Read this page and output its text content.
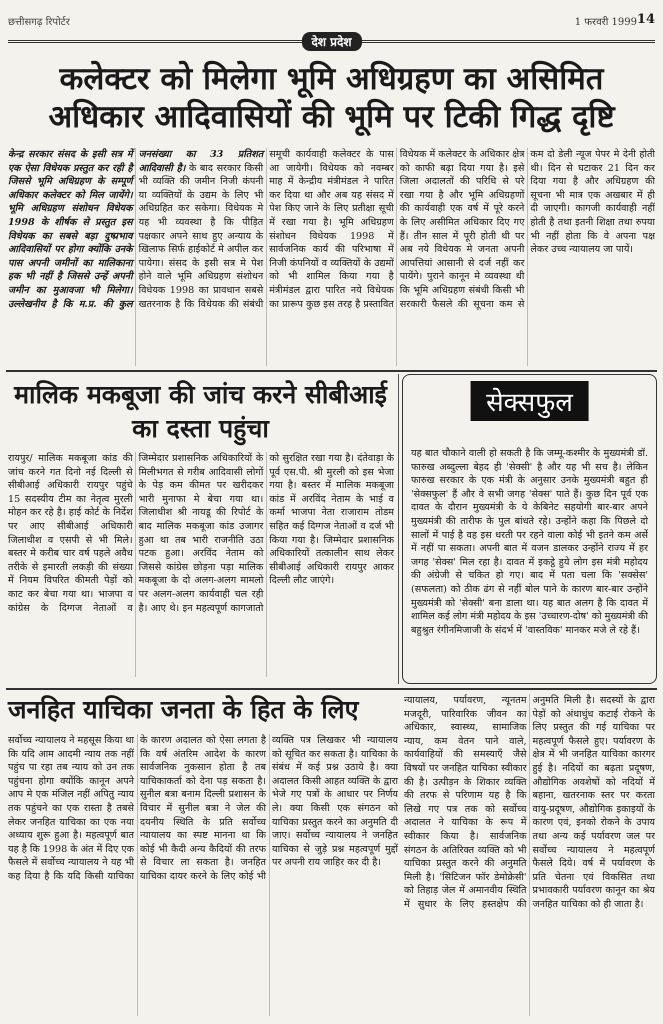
छत्तीसगढ़ रिपोर्टर	1 फरवरी 1999 14
देश प्रदेश
कलेक्टर को मिलेगा भूमि अधिग्रहण का असिमित अधिकार आदिवासियों की भूमि पर टिकी गिद्ध दृष्टि
केन्द्र सरकार संसद के इसी सत्र में एक ऐसा विधेयक प्रस्तुत कर रही है जिससे भूमि अधिग्रहण के सम्पूर्ण अधिकार कलेक्टर को मिल जायेंगे। भूमि अधिग्रहण संशोधन विधेयक 1998 के शीर्षक से प्रस्तुत इस विधेयक का सबसे बड़ा दुष्प्रभाव आदिवासियों पर होगा क्योंकि उनके पास अपनी जमीनों का मालिकाना हक भी नहीं है जिससे उन्हें अपनी जमीन का मुआवजा भी मिलेगा। उल्लेखनीय है कि म.प्र. की कुल जनसंख्या का 33 प्रतिशत आदिवासी है। के बाद सरकार किसी भी व्यक्ति की जमीन निजी कंपनी या व्यक्तियों के उद्यम के लिए भी अधिग्रहित कर सकेगा। विधेयक मे यह भी व्यवस्था है कि पीड़ित पक्षकार अपने साथ हुए अन्याय के खिलाफ सिर्फ हाईकोर्ट मे अपील कर पायेगा। संसद के इसी सत्र मे पेश होने वाले भूमि अधिग्रहण संशोधन विधेयक 1998 का प्रावधान सबसे खतरनाक है कि विधेयक की संबंधी समूची कार्यवाही कलेक्टर के पास आ जायेगी। विधेयक को नवम्बर माह में केन्द्रीय मंत्रीमंडल ने पारित कर दिया था और अब यह संसद में पेश किए जाने के लिए प्रतीक्षा सूची में रखा गया है। भूमि अधिग्रहण संशोधन विधेयक 1998 में सार्वजनिक कार्य की परिभाषा में निजी कंपनियों व व्यक्तियों के उद्यमों को भी शामिल किया गया है मंत्रीमंडल द्वारा पारित नये विधेयक का प्रारूप कुछ इस तरह है प्रस्तावित विधेयक में कलेक्टर के अधिकार क्षेत्र को काफी बढ़ा दिया गया है। इसे जिला अदालतों की परिधि से परे रखा गया है और भूमि अधिग्रहणों की कार्यवाही एक वर्ष में पूरे करने के लिए असीमित अधिकार दिए गए हैं। तीन साल में पूरी होती थी पर अब नये विधेयक मे जनता अपनी आपत्तियां आसानी से दर्ज नहीं कर पायेंगे। पुराने कानून मे व्यवस्था थी कि भूमि अधिग्रहण संबंधी किसी भी सरकारी फैसले की सूचना कम से कम दो डेली न्यूज पेपर मे देनी होती थी। दिन से घटाकर 21 दिन कर दिया गया है और अधिग्रहण की सूचना भी मात्र एक अखबार में ही दी जाएगी। कागजी कार्यवाही नहीं होती है तथा इतनी शिक्षा तथा रुपया भी नहीं होता कि वे अपना पक्ष लेकर उच्च न्यायालय जा पायें।
मालिक मकबूजा की जांच करने सीबीआई का दस्ता पहुंचा
रायपुर/ मालिक मकबूजा कांड की जांच करने गत दिनो नई दिल्ली से सीबीआई अधिकारी रायपुर पहुंचे 15 सदस्यीय टीम का नेतृत्व मुरली मोहन कर रहे है। हाई कोर्ट के निर्देश पर आए सीबीआई अधिकारी जिलाधीश व एसपी से भी मिले। बस्तर मे करीब चार वर्ष पहले अवैध तरीके से इमारती लकड़ी की संख्या में नियम विपरित कीमती पेड़ों को काट कर बेचा गया था। भाजपा व कांग्रेस के दिग्गज नेताओं व जिम्मेदार प्रशासनिक अधिकारियों के मिलीभगत से गरीब आदिवासी लोगों के पेड़ कम कीमत पर खरीदकर भारी मुनाफा मे बेचा गया था। जिलाधीश श्री नायडू की रिपोर्ट के बाद मालिक मकबूजा कांड उजागर हुआ था तब भारी राजनीति उठा पटक हुआ। अरविंद नेताम को जिससे कांग्रेस छोड़ना पड़ा मालिक मकबूजा के दो अलग-अलग मामलो पर अलग-अलग कार्यवाही चल रही है। आए थे। इन महत्वपूर्ण कागजातो को सुरक्षित रखा गया है। दंतेवाड़ा के पूर्व एस.पी. श्री मुरली को इस भेजा गया है। बस्तर में मालिक मकबूजा कांड में अरविंद नेताम के भाई व कर्मा भाजपा नेता राजाराम तोडम सहित कई दिग्गज नेताओं व दर्ज भी किया गया है। जिम्मेदार प्रशासनिक अधिकारियों तत्कालीन साथ लेकर सीबीआई अधिकारी रायपुर आकर दिल्ली लौट जाएंगे।
सेक्सफुल
यह बात चौकाने वाली हो सकती है कि जम्मू-कश्मीर के मुख्यमंत्री डॉ. फारुख अब्दुल्ला बेहद ही 'सेक्सी' है और यह भी सच है। लेकिन फारुख सरकार के एक मंत्री के अनुसार उनके मुख्यमंत्री बहुत ही 'सेक्सफुल' हैं और वे सभी जगह 'सेक्स' पाते हैं। कुछ दिन पूर्व एक दावत के दौरान मुख्यमंत्री के ये केबिनेट सहयोगी बार-बार अपने मुख्यमंत्री की तारीफ के पुल बांधते रहे। उन्होंने कहा कि पिछले दो सालों में पाई है वह इस धरती पर रहने वाला कोई भी इतने कम अर्से में नहीं पा सकता। अपनी बात में वजन डालकर उन्होंने राज्य में हर जगह 'सेक्स' मिल रहा है। दावत में इकट्ठे हुये लोग इस मंत्री महोदय की अंग्रेजी से चकित हो गए। बाद में पता चला कि 'सक्सेस' (सफलता) को ठीक ढंग से नहीं बोल पाने के कारण बार-बार उन्होंने मुख्यमंत्री को 'सेक्सी' बना डाला था। यह बात अलग है कि दावत में शामिल कई लोग मंत्री महोदय के इस 'उच्चारण-दोष' को मुख्यमंत्री की बहुश्रुत रंगीनमिजाजी के संदर्भ में 'वास्तविक' मानकर मजे ले रहे हैं।
जनहित याचिका जनता के हित के लिए
सर्वोच्च न्यायालय ने महसूस किया था कि यदि आम आदमी न्याय तक नहीं पहुंच पा रहा तब न्याय को उन तक पहुंचना होगा क्योंकि कानून अपने आप मे एक मंजिल नहीं अपितु न्याय तक पहुंचने का एक रास्ता है तबसे लेकर जनहित याचिका का एक नया अध्याय शुरू हुआ है। महत्वपूर्ण बात यह है कि 1998 के अंत में दिए एक फैसले में सर्वोच्च न्यायालय ने यह भी कह दिया है कि यदि किसी याचिका के कारण अदालत को ऐसा लगता है कि वर्ष अंतरिम आदेश के कारण सार्वजनिक नुकसान होता है तब याचिकाकर्ता को देना पड़ सकता है। सुनील बत्रा बनाम दिल्ली प्रशासन के विचार में सुनील बत्रा ने जेल की दयनीय स्थिति के प्रति सर्वोच्च न्यायालय का स्पष्ट मानना था कि कोई भी कैदी अन्य कैदियों की तरफ से विचार ला सकता है। जनहित याचिका दायर करने के लिए कोई भी व्यक्ति पत्र लिखकर भी न्यायालय को सूचित कर सकता है। याचिका के संबंध में कई प्रश्न उठाये है। क्या अदालत किसी आहत व्यक्ति के द्वारा भेजे गए पत्रों के आधार पर निर्णय ले। क्या किसी एक संगठन को याचिका प्रस्तुत करने का अनुमति दी जाए। सर्वोच्च न्यायालय ने जनहित याचिका से जुड़े प्रश्न महत्वपूर्ण मुद्दों पर अपनी राय जाहिर कर दी है।
न्यायालय, पर्यावरण, न्यूनतम मजदूरी, पारिवारिक जीवन का अधिकार, स्वास्थ्य, सामाजिक न्याय, कम वेतन पाने वाले, कार्यवाहियों की समस्याएँ जैसे विषयों पर जनहित याचिका स्वीकार की है। उत्पीड़न के शिकार व्यक्ति की तरफ से परिणाम यह है कि लिखे गए पत्र तक को सर्वोच्च अदालत ने याचिका के रूप में स्वीकार किया है। सार्वजनिक संगठन के अतिरिक्त व्यक्ति को भी याचिका प्रस्तुत करने की अनुमति मिली है। 'सिटिजन फॉर डेमोक्रेसी' को तिहाड़ जेल में अमानवीय स्थिति में सुधार के लिए हस्तक्षेप की अनुमति मिली है। सदस्यों के द्वारा पेड़ों को अंधाधुंध कटाई रोकने के लिए प्रस्तुत की गई याचिका पर महत्वपूर्ण फैसले हुए। पर्यावरण के क्षेत्र में भी जनहित याचिका कारगर हुई है। नदियों का बढ़ता प्रदूषण, औद्योगिक अवशेषों को नदियों में बहाना, खतरनाक स्तर पर करता वायु-प्रदूषण, औद्योगिक इकाइयों के कारण एवं, इनको रोकने के उपाय तथा अन्य कई पर्यावरण जल पर सर्वोच्च न्यायालय ने महत्वपूर्ण फैसले दिये। वर्ष में पर्यावरण के प्रति चेतना एवं विकसित तथा प्रभावकारी पर्यावरण कानून का श्रेय जनहित याचिका को ही जाता है।
